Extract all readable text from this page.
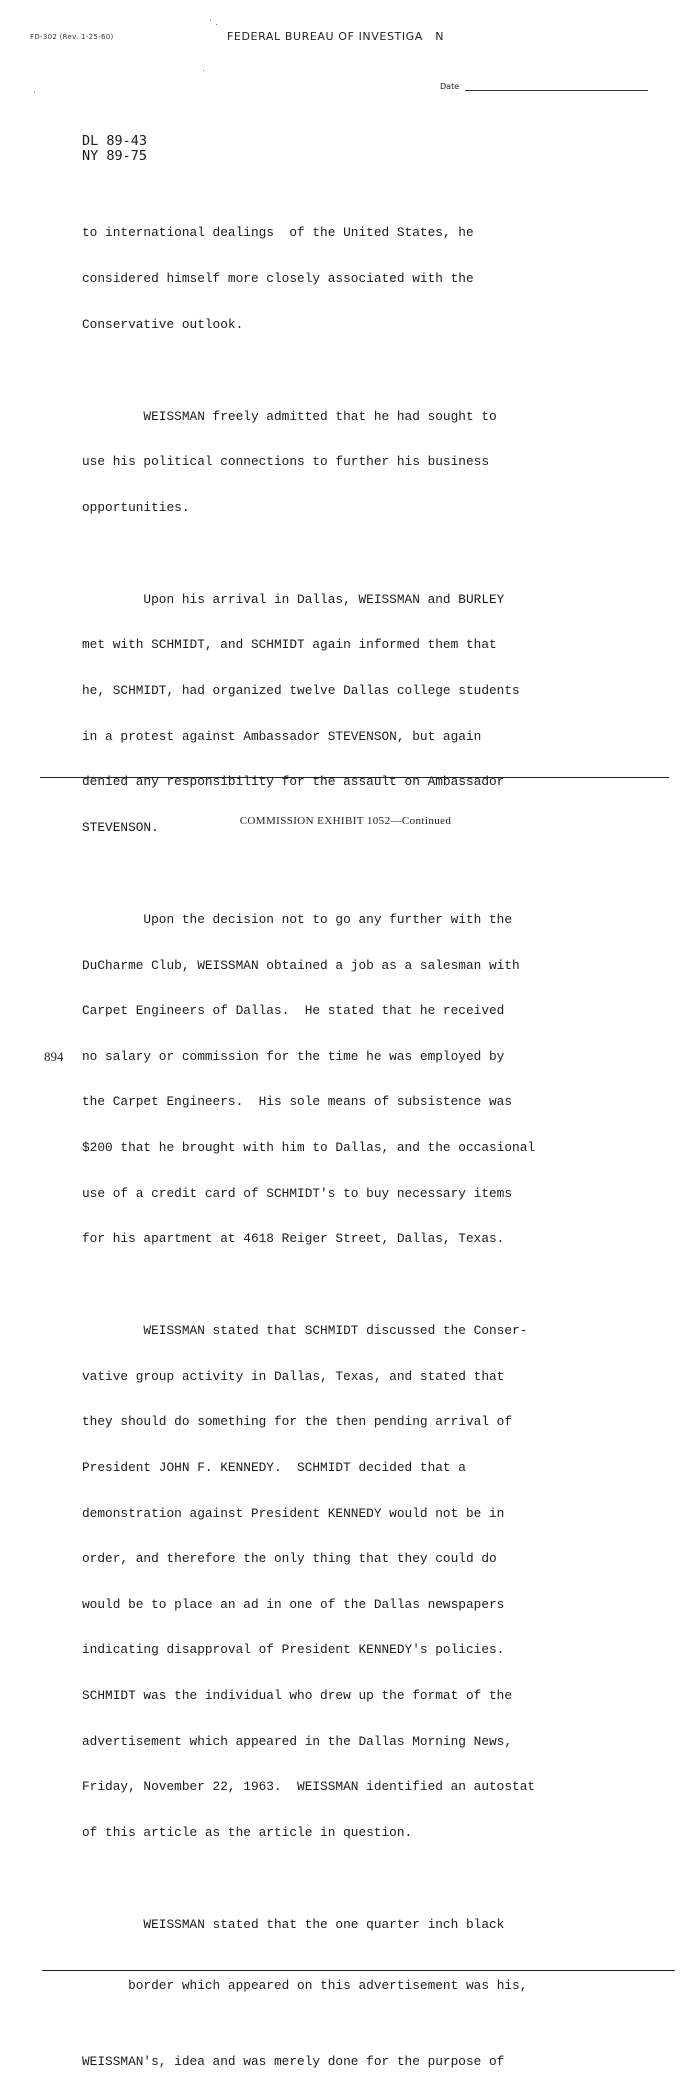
FD-302 (Rev. 1-25-60)	FEDERAL BUREAU OF INVESTIGA   N
Date
DL 89-43
NY 89-75

to international dealings  of the United States, he

considered himself more closely associated with the

Conservative outlook.

WEISSMAN freely admitted that he had sought to

use his political connections to further his business

opportunities.

Upon his arrival in Dallas, WEISSMAN and BURLEY

met with SCHMIDT, and SCHMIDT again informed them that

he, SCHMIDT, had organized twelve Dallas college students

in a protest against Ambassador STEVENSON, but again

denied any responsibility for the assault on Ambassador

STEVENSON.

Upon the decision not to go any further with the

DuCharme Club, WEISSMAN obtained a job as a salesman with

Carpet Engineers of Dallas.  He stated that he received

no salary or commission for the time he was employed by

the Carpet Engineers.  His sole means of subsistence was

$200 that he brought with him to Dallas, and the occasional

use of a credit card of SCHMIDT's to buy necessary items

for his apartment at 4618 Reiger Street, Dallas, Texas.

WEISSMAN stated that SCHMIDT discussed the Conser-

vative group activity in Dallas, Texas, and stated that

they should do something for the then pending arrival of

President JOHN F. KENNEDY.  SCHMIDT decided that a

demonstration against President KENNEDY would not be in

order, and therefore the only thing that they could do

would be to place an ad in one of the Dallas newspapers

indicating disapproval of President KENNEDY's policies.

SCHMIDT was the individual who drew up the format of the

advertisement which appeared in the Dallas Morning News,

Friday, November 22, 1963.  WEISSMAN identified an autostat

of this article as the article in question.

WEISSMAN stated that the one quarter inch black

border which appeared on this advertisement was his,

WEISSMAN's, idea and was merely done for the purpose of

COMMISSION EXHIBIT 1052—Continued
894
